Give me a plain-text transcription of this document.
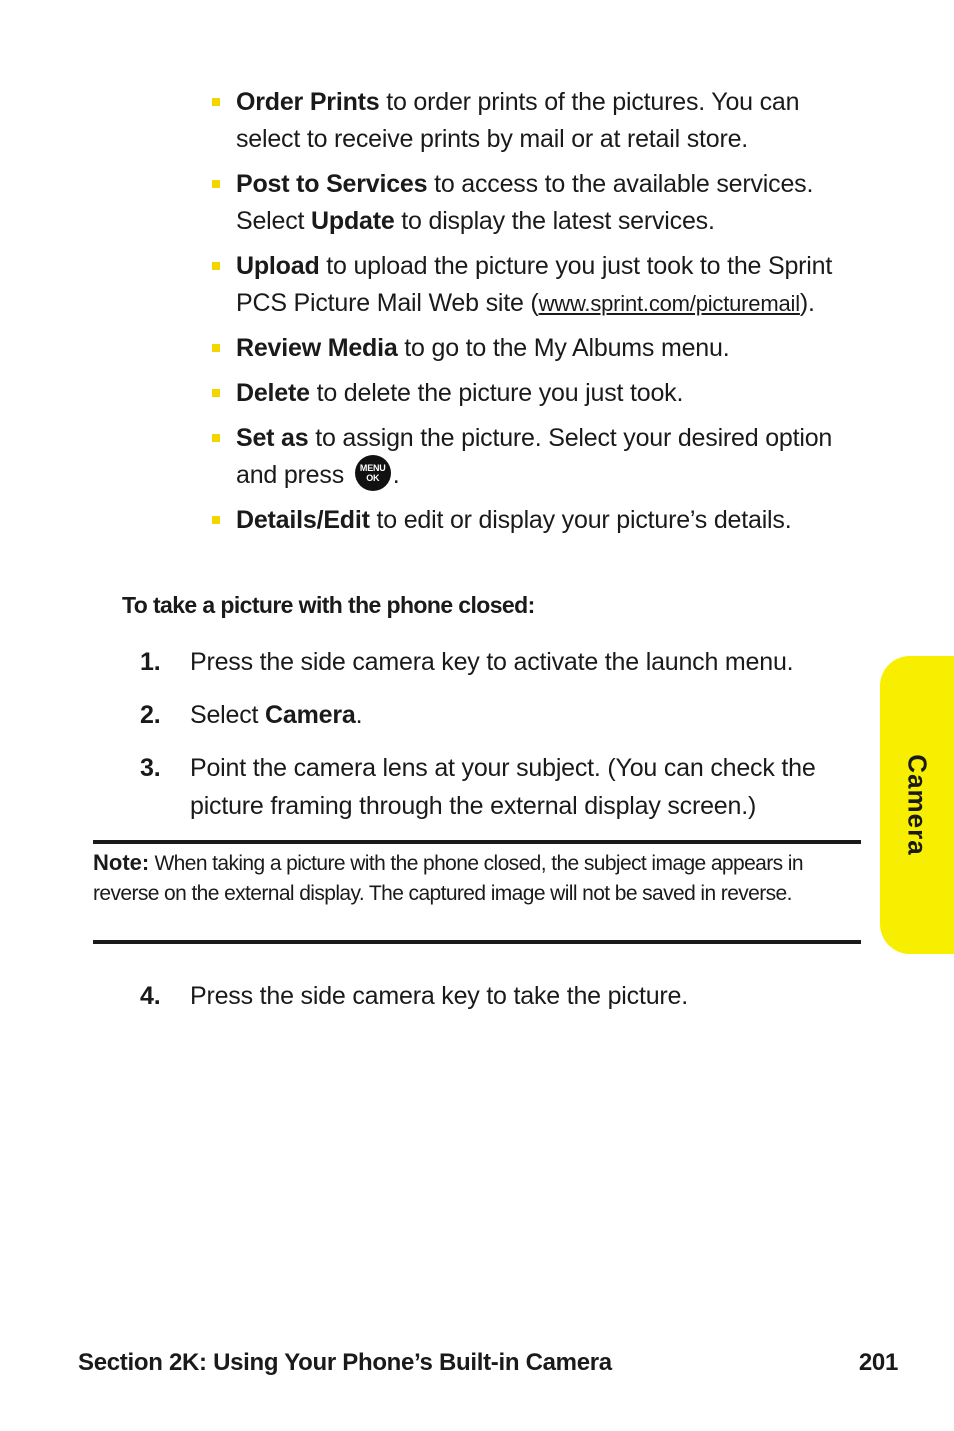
Order Prints to order prints of the pictures. You can select to receive prints by mail or at retail store.
Post to Services to access to the available services. Select Update to display the latest services.
Upload to upload the picture you just took to the Sprint PCS Picture Mail Web site (www.sprint.com/picturemail).
Review Media to go to the My Albums menu.
Delete to delete the picture you just took.
Set as to assign the picture. Select your desired option and press MENU
OK .
Details/Edit to edit or display your picture’s details.
To take a picture with the phone closed:
1. Press the side camera key to activate the launch menu.
2. Select Camera.
3. Point the camera lens at your subject. (You can check the picture framing through the external display screen.)
Note: When taking a picture with the phone closed, the subject image appears in reverse on the external display. The captured image will not be saved in reverse.
4. Press the side camera key to take the picture.
Camera
Section 2K: Using Your Phone’s Built-in Camera	201
